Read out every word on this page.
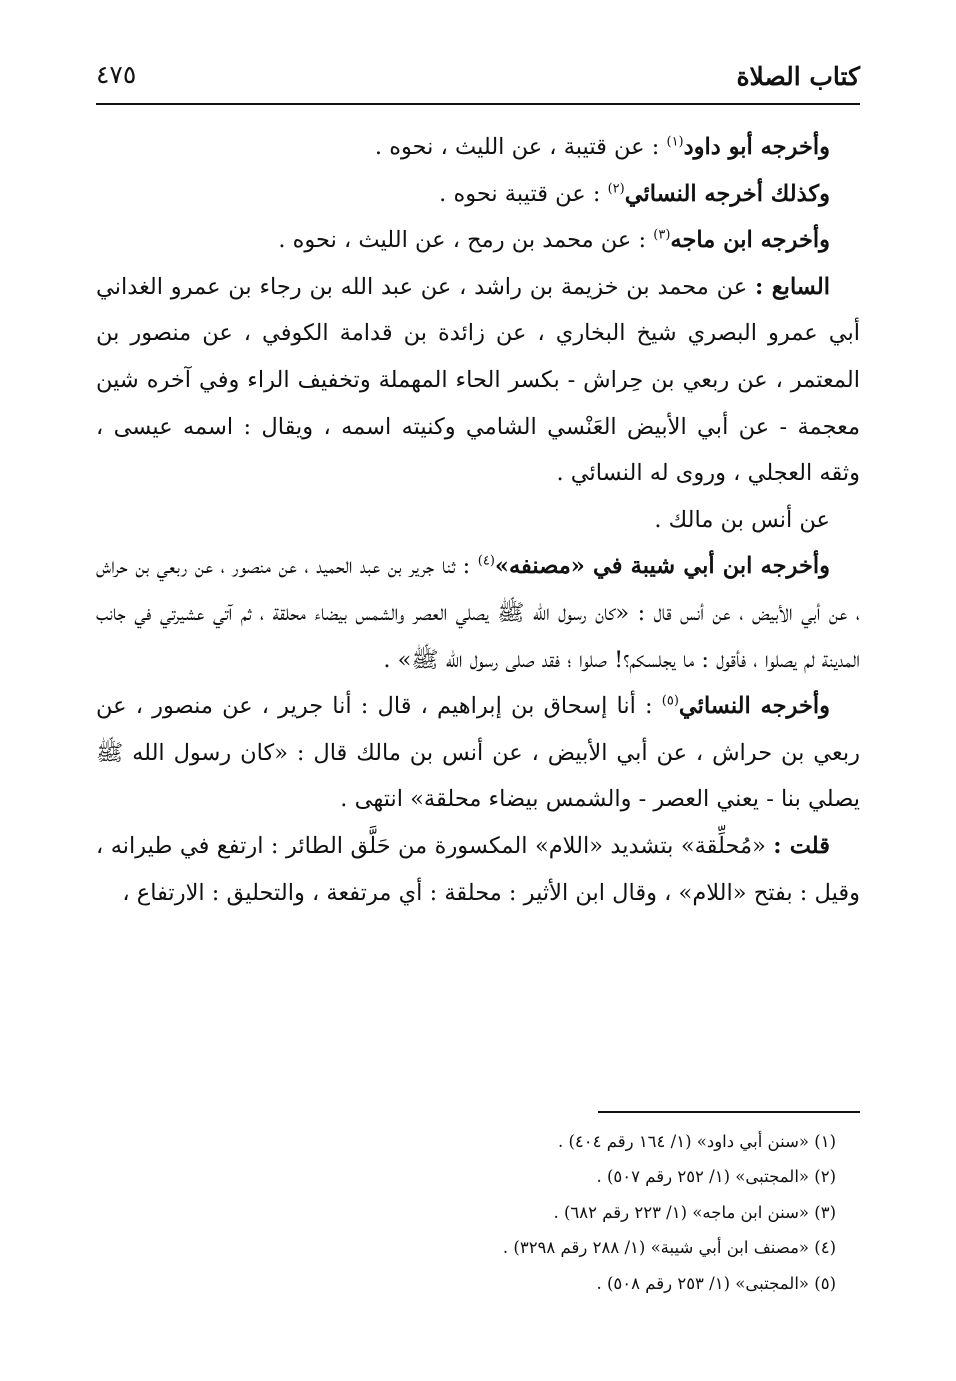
كتاب الصلاة
٤٧٥

وأخرجه أبو داود$^{(١)}$ : عن قتيبة ، عن الليث ، نحوه .

وكذلك أخرجه النسائي$^{(٢)}$ : عن قتيبة نحوه .

وأخرجه ابن ماجه$^{(٣)}$ : عن محمد بن رمح ، عن الليث ، نحوه .

السابع : عن محمد بن خزيمة بن راشد ، عن عبد الله بن رجاء بن عمرو الغداني أبي عمرو البصري شيخ البخاري ، عن زائدة بن قدامة الكوفي ، عن منصور بن المعتمر ، عن ربعي بن حِراش - بكسر الحاء المهملة وتخفيف الراء وفي آخره شين معجمة - عن أبي الأبيض العَنْسي الشامي وكنيته اسمه ، ويقال : اسمه عيسى ، وثقه العجلي ، وروى له النسائي .

عن أنس بن مالك .

وأخرجه ابن أبي شيبة في «مصنفه»$^{(٤)}$ : ثنا جرير بن عبد الحميد ، عن منصور ، عن ربعي بن حراش ، عن أبي الأبيض ، عن أنس قال : «كان رسول الله ﷺ يصلي العصر والشمس بيضاء محلقة ، ثم آتي عشيرتي في جانب المدينة لم يصلوا ، فأقول : ما يجلسكم؟! صلوا ؛ فقد صلى رسول الله ﷺ» .

وأخرجه النسائي$^{(٥)}$ : أنا إسحاق بن إبراهيم ، قال : أنا جرير ، عن منصور ، عن ربعي بن حراش ، عن أبي الأبيض ، عن أنس بن مالك قال : «كان رسول الله ﷺ يصلي بنا - يعني العصر - والشمس بيضاء محلقة» انتهى .

قلت : «مُحلِّقة» بتشديد «اللام» المكسورة من حَلَّق الطائر : ارتفع في طيرانه ، وقيل : بفتح «اللام» ، وقال ابن الأثير : محلقة : أي مرتفعة ، والتحليق : الارتفاع ،

(١) «سنن أبي داود» (١/ ١٦٤ رقم ٤٠٤) .
(٢) «المجتبى» (١/ ٢٥٢ رقم ٥٠٧) .
(٣) «سنن ابن ماجه» (١/ ٢٢٣ رقم ٦٨٢) .
(٤) «مصنف ابن أبي شيبة» (١/ ٢٨٨ رقم ٣٢٩٨) .
(٥) «المجتبى» (١/ ٢٥٣ رقم ٥٠٨) .
